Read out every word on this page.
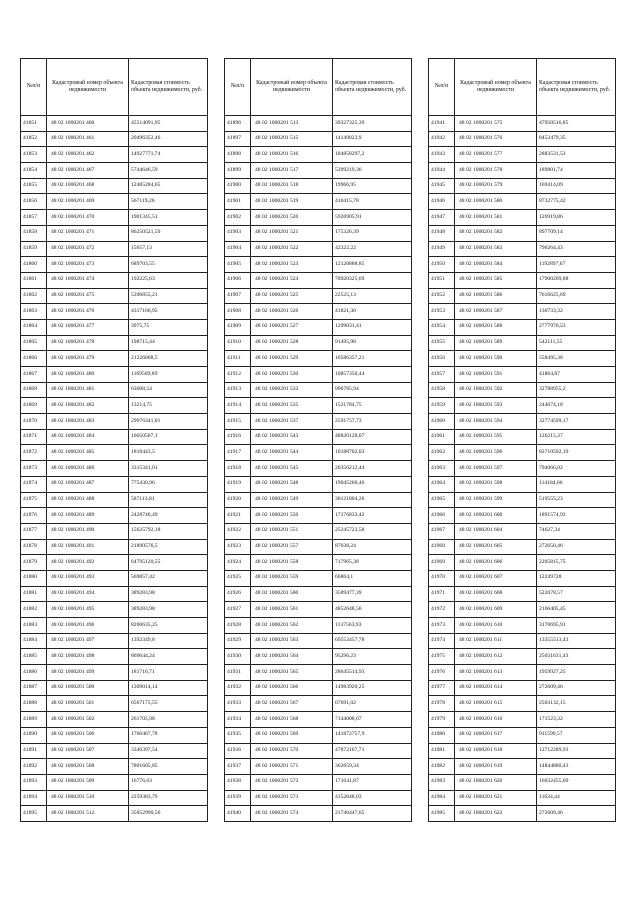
№п/п	Кадастровый номер объекта недвижимости	Кадастровая стоимость объекта недвижимости, руб.
41851	48 02 1000201 460	45514091,95
41852	48 02 1000201 461	20496352,46
41853	48 02 1000201 462	14927771,74
41854	48 02 1000201 467	5744646,59
41855	48 02 1000201 468	12485284,65
41856	48 02 1000201 469	567119,26
41857	48 02 1000201 470	1901345,51
41858	48 02 1000201 471	86250521,59
41859	48 02 1000201 472	15657,13
41860	48 02 1000201 473	689703,55
41861	48 02 1000201 474	192225,63
41862	48 02 1000201 475	5396855,21
41863	48 02 1000201 476	4317166,95
41864	48 02 1000201 477	3975,75
41865	48 02 1000201 478	198715,44
41866	48 02 1000201 479	21226068,5
41867	48 02 1000201 480	1169509,89
41868	48 02 1000201 481	63608,54
41869	48 02 1000201 482	13214,75
41870	48 02 1000201 483	29976341,01
41871	48 02 1000201 484	10650507,1
41872	48 02 1000201 485	1818443,5
41873	48 02 1000201 486	3315341,01
41874	48 02 1000201 487	775430,96
41875	48 02 1000201 488	587113,81
41876	48 02 1000201 489	2428746,49
41877	48 02 1000201 490	15625792,18
41878	48 02 1000201 491	21890576,5
41879	48 02 1000201 492	64795120,55
41880	48 02 1000201 493	569857,42
41881	48 02 1000201 494	389283,98
41882	48 02 1000201 495	389283,98
41883	48 02 1000201 496	8200635,25
41884	48 02 1000201 497	1392349,8
41885	48 02 1000201 498	869644,24
41886	48 02 1000201 499	181716,71
41887	48 02 1000201 500	1309014,14
41888	48 02 1000201 501	6567175,55
41889	48 02 1000201 502	261705,98
41890	48 02 1000201 506	1766487,78
41891	48 02 1000201 507	3346397,54
41892	48 02 1000201 508	7801605,85
41893	48 02 1000201 509	16776,63
41894	48 02 1000201 510	2259383,79
41895	48 02 1000201 512	35052990,56
№п/п	Кадастровый номер объекта недвижимости	Кадастровая стоимость объекта недвижимости, руб.
41896	48 02 1000201 513	39327325,39
41897	48 02 1000201 515	14149823,9
41898	48 02 1000201 516	184858297,2
41899	48 02 1000201 517	5399219,36
41900	48 02 1000201 518	19966,95
41901	48 02 1000201 519	410415,78
41902	48 02 1000201 520	5926905,91
41903	48 02 1000201 521	175326,39
41904	48 02 1000201 522	42322,22
41905	48 02 1000201 523	12120888,85
41906	48 02 1000201 524	78920325,69
41907	48 02 1000201 525	22525,13
41908	48 02 1000201 526	41821,36
41909	48 02 1000201 527	1299031,41
41910	48 02 1000201 528	91495,98
41911	48 02 1000201 529	10586357,21
41912	48 02 1000201 530	10857350,44
41913	48 02 1000201 532	996785,94
41914	48 02 1000201 535	1521784,75
41915	48 02 1000201 537	2591757,73
41916	48 02 1000201 543	48820128,07
41917	48 02 1000201 544	10188702,03
41918	48 02 1000201 545	20356212,44
41919	48 02 1000201 548	19045260,46
41920	48 02 1000201 549	30121804,26
41921	48 02 1000201 550	17176833,42
41922	48 02 1000201 551	25245723,58
41923	48 02 1000201 557	87038,24
41924	48 02 1000201 558	717965,38
41925	48 02 1000201 559	66864,1
41926	48 02 1000201 560	3589477,39
41927	48 02 1000201 561	4852648,56
41928	48 02 1000201 562	1137563,93
41929	48 02 1000201 563	69553457,78
41930	48 02 1000201 564	95296,23
41931	48 02 1000201 565	28645514,93
41932	48 02 1000201 566	14983920,25
41933	48 02 1000201 567	67691,02
41934	48 02 1000201 568	7144008,67
41935	48 02 1000201 569	141872757,9
41936	48 02 1000201 570	47872167,71
41937	48 02 1000201 571	362659,34
41938	48 02 1000201 572	171041,87
41939	48 02 1000201 573	4152048,03
41940	48 02 1000201 574	21746447,65
№п/п	Кадастровый номер объекта недвижимости	Кадастровая стоимость объекта недвижимости, руб.
41941	48 02 1000201 575	47950516,85
41942	48 02 1000201 576	8453479,35
41943	48 02 1000201 577	2883531,53
41944	48 02 1000201 578	189801,74
41945	48 02 1000201 579	169414,09
41946	48 02 1000201 580	8732775,42
41947	48 02 1000201 581	126919,86
41948	48 02 1000201 582	897709,14
41949	48 02 1000201 583	796264,43
41950	48 02 1000201 584	1192897,67
41951	48 02 1000201 585	17900209,88
41952	48 02 1000201 586	7616625,69
41953	48 02 1000201 587	136733,32
41954	48 02 1000201 588	2777970,53
41955	48 02 1000201 589	542111,55
41956	48 02 1000201 590	558495,38
41957	48 02 1000201 591	41864,87
41958	48 02 1000201 592	32788955,2
41959	48 02 1000201 593	244074,18
41960	48 02 1000201 594	32774599,17
41961	48 02 1000201 595	126215,37
41962	48 02 1000201 596	82710592,19
41963	48 02 1000201 597	794066,02
41964	48 02 1000201 598	114184,66
41965	48 02 1000201 599	519555,23
41966	48 02 1000201 600	1891574,93
41967	48 02 1000201 604	74627,34
41968	48 02 1000201 605	272650,46
41969	48 02 1000201 606	2205815,75
41970	48 02 1000201 607	12249728
41971	48 02 1000201 608	522078,57
41972	48 02 1000201 609	2166405,45
41973	48 02 1000201 610	3170695,91
41974	48 02 1000201 611	13355513,43
41975	48 02 1000201 612	25031631,43
41976	48 02 1000201 613	1959927,25
41977	48 02 1000201 614	272609,46
41978	48 02 1000201 615	2503132,15
41979	48 02 1000201 616	171523,32
41980	48 02 1000201 617	911599,57
41981	48 02 1000201 618	12712289,93
41982	48 02 1000201 619	14844880,43
41983	48 02 1000201 620	16032455,69
41984	48 02 1000201 621	11634,44
41985	48 02 1000201 622	272609,46
